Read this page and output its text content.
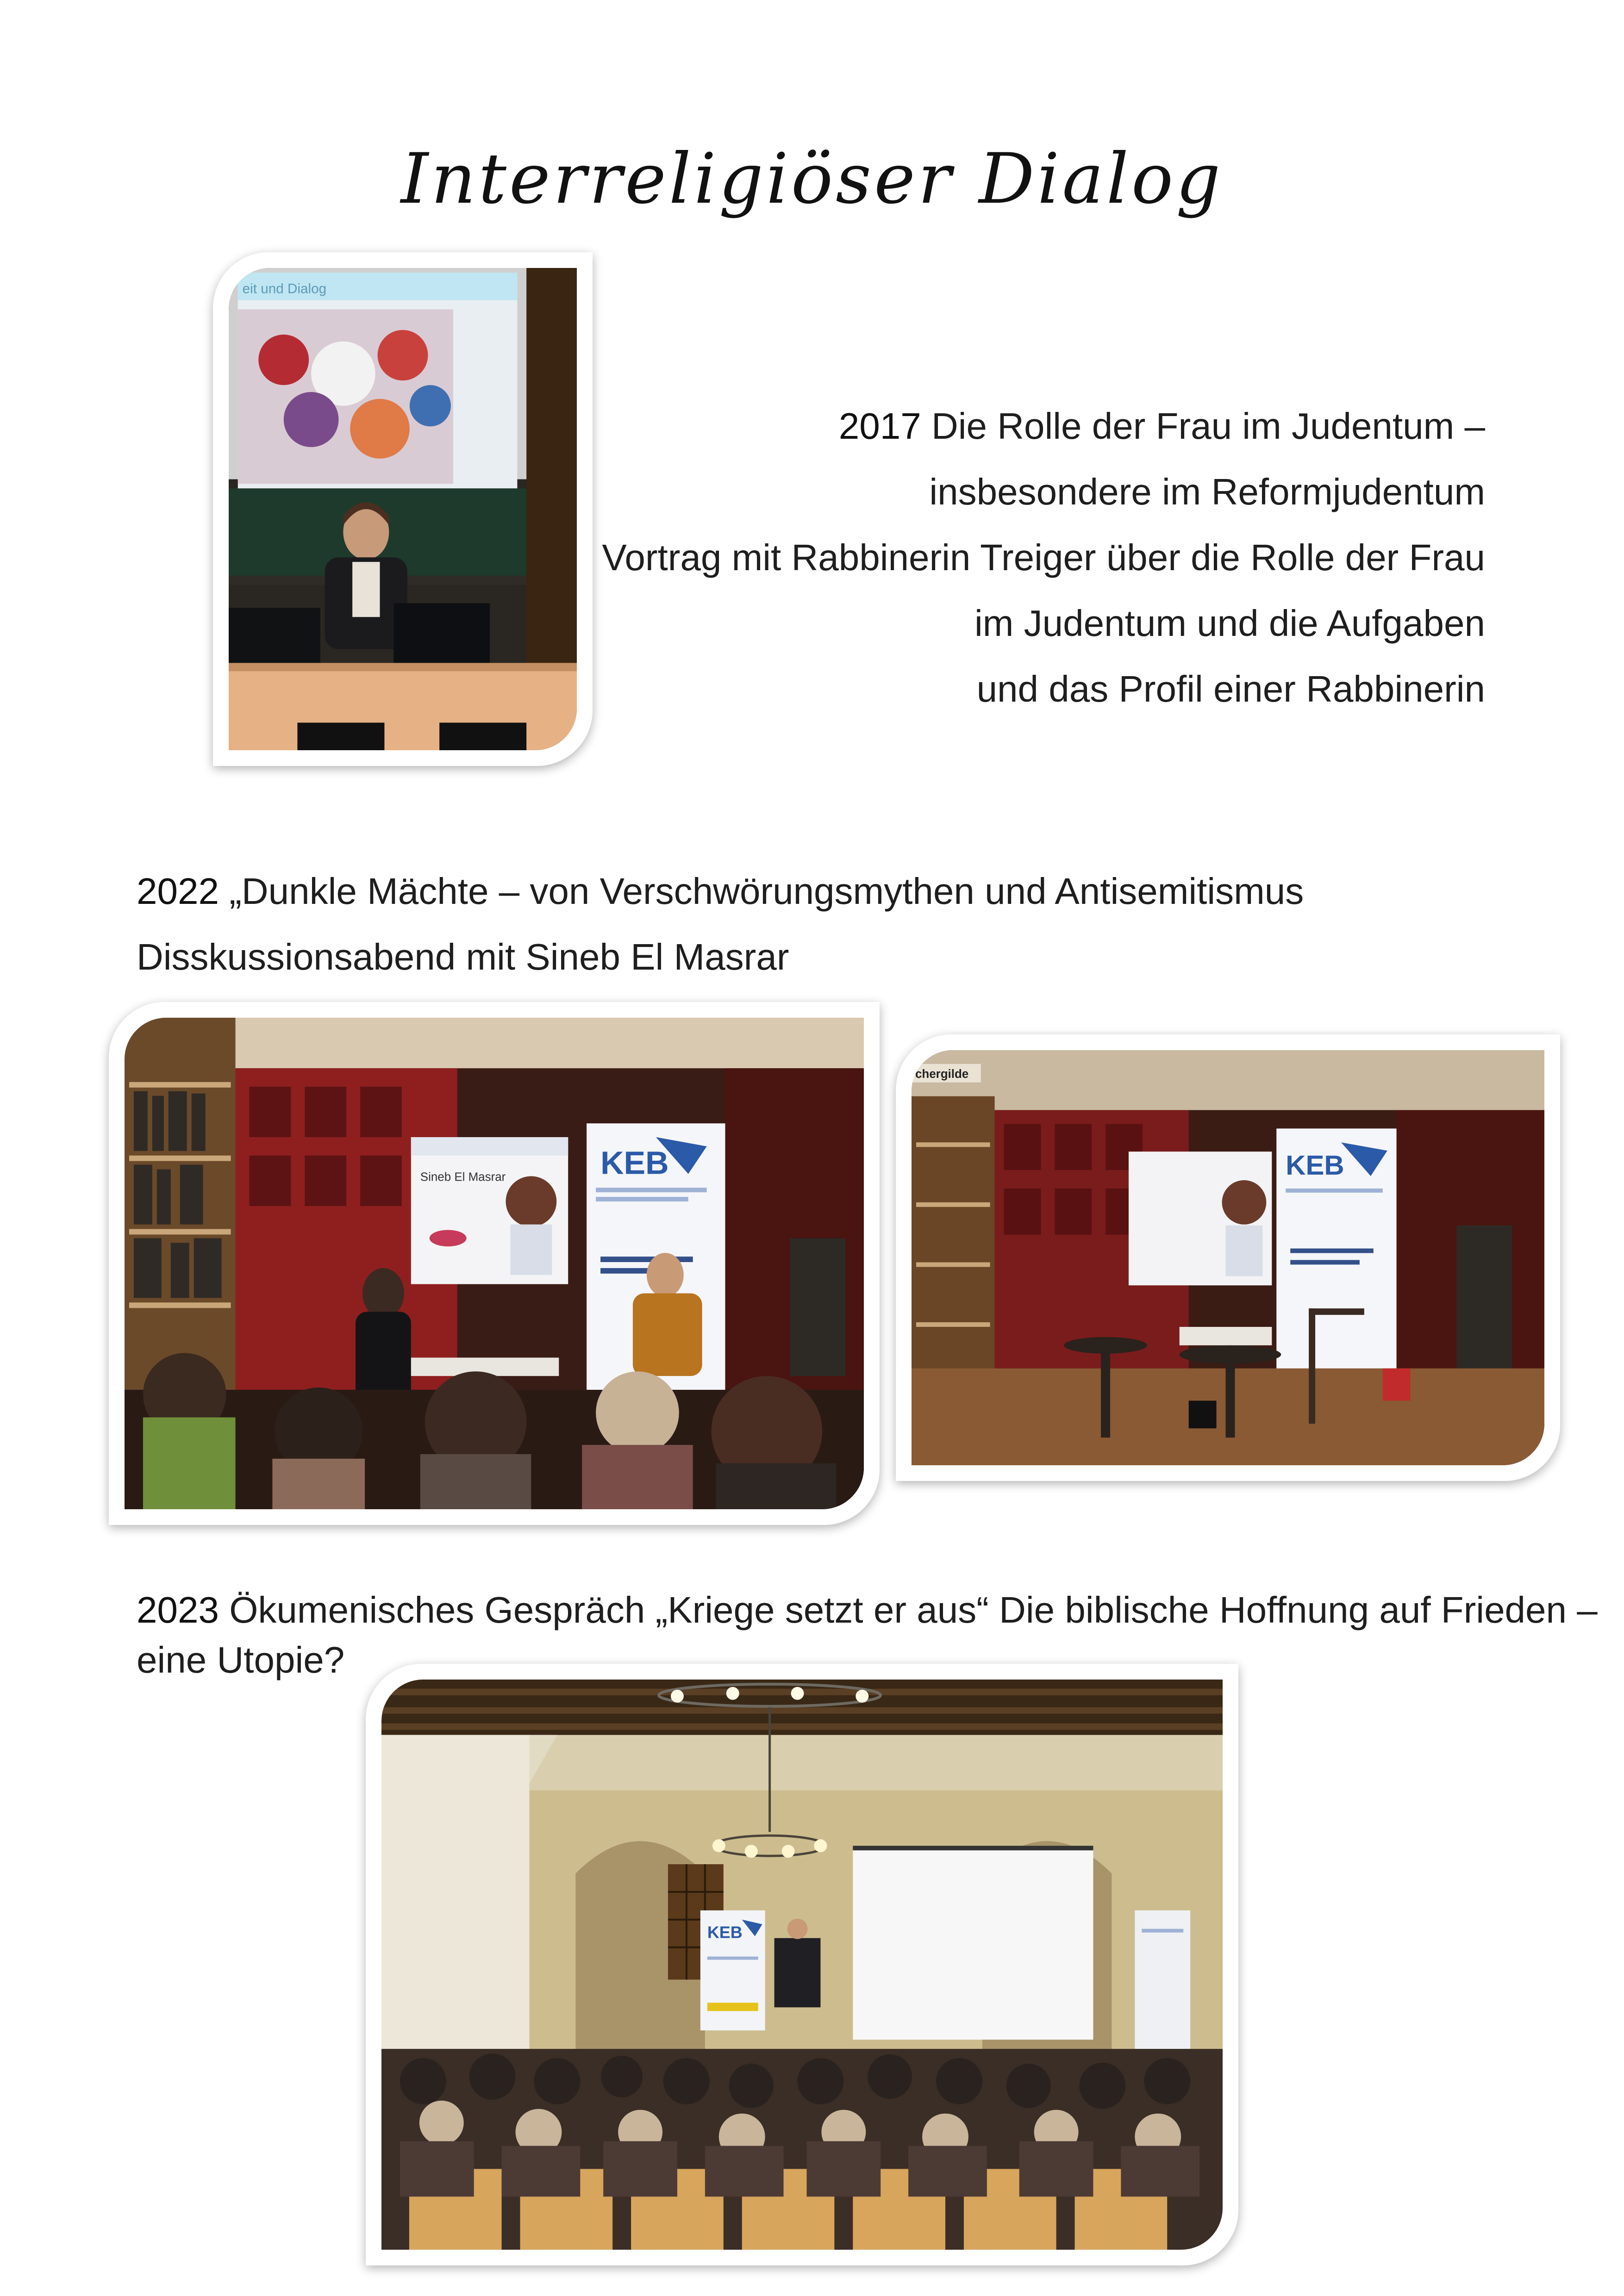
Interreligiöser Dialog
eit und Dialog
2017 Die Rolle der Frau im Judentum –
insbesondere im Reformjudentum
Vortrag mit Rabbinerin Treiger über die Rolle der Frau
im Judentum und die Aufgaben
und das Profil einer Rabbinerin
2022 „Dunkle Mächte – von Verschwörungsmythen und Antisemitismus
Disskussionsabend mit Sineb El Masrar
Sineb El Masrar	KEB
chergilde
KEB
2023 Ökumenisches Gespräch „Kriege setzt er aus“ Die biblische Hoffnung auf Frieden –
eine Utopie?
KEB
